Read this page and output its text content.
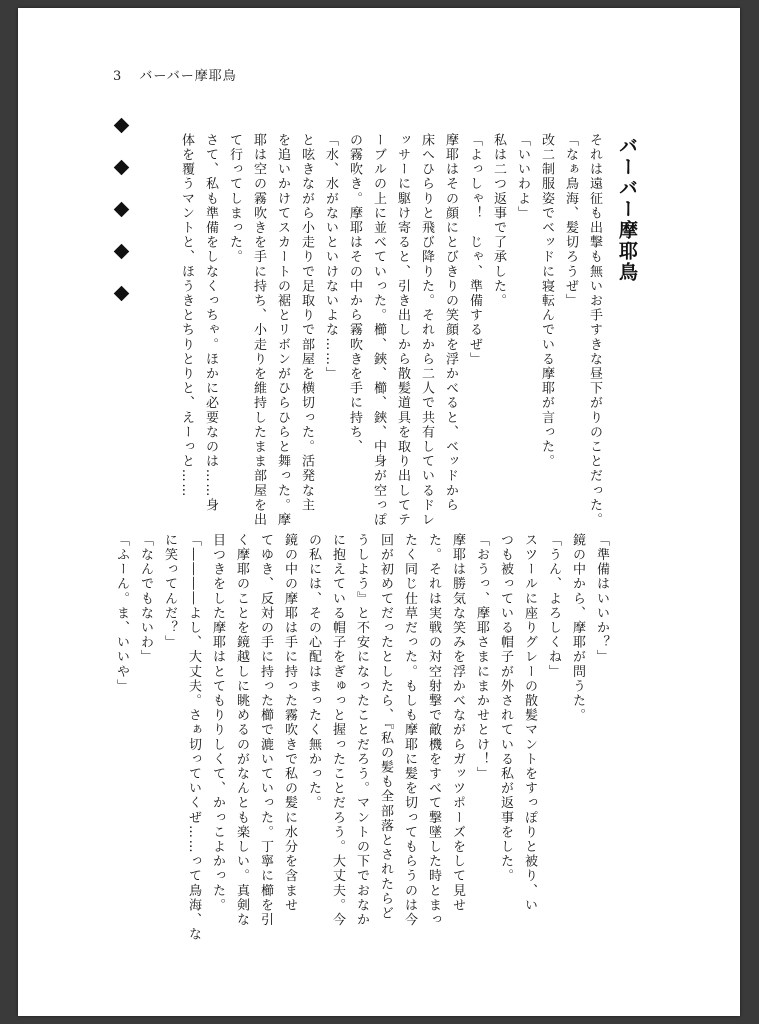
3 バーバー摩耶鳥
バーバー摩耶鳥
それは遠征も出撃も無いお手すきな昼下がりのことだった。
「なぁ鳥海、髪切ろうぜ」
改二制服姿でベッドに寝転んでいる摩耶が言った。
「いいわよ」
私は二つ返事で了承した。
「よっしゃ！　じゃ、準備するぜ」
摩耶はその顔にとびきりの笑顔を浮かべると、ベッドから
床へひらりと飛び降りた。それから二人で共有しているドレ
ッサーに駆け寄ると、引き出しから散髪道具を取り出してテ
ーブルの上に並べていった。櫛、鋏、櫛、鋏、中身が空っぽ
の霧吹き。摩耶はその中から霧吹きを手に持ち、
「水、水がないといけないよな……」
と呟きながら小走りで足取りで部屋を横切った。活発な主
を追いかけてスカートの裾とリボンがひらひらと舞った。摩
耶は空の霧吹きを手に持ち、小走りを維持したまま部屋を出
て行ってしまった。
さて、私も準備をしなくっちゃ。ほかに必要なのは……身
体を覆うマントと、ほうきとちりとりと、えーっと……
「準備はいいか？」
鏡の中から、摩耶が問うた。
「うん、よろしくね」
スツールに座りグレーの散髪マントをすっぽりと被り、い
つも被っている帽子が外されている私が返事をした。
「おうっ、摩耶さまにまかせとけ！」
摩耶は勝気な笑みを浮かべながらガッツポーズをして見せ
た。それは実戦の対空射撃で敵機をすべて撃墜した時とまっ
たく同じ仕草だった。もしも摩耶に髪を切ってもらうのは今
回が初めてだったとしたら、『私の髪も全部落とされたらど
うしよう』と不安になったことだろう。マントの下でおなか
に抱えている帽子をぎゅっと握ったことだろう。大丈夫。今
の私には、その心配はまったく無かった。
鏡の中の摩耶は手に持った霧吹きで私の髪に水分を含ませ
てゆき、反対の手に持った櫛で漉いていった。丁寧に櫛を引
く摩耶のことを鏡越しに眺めるのがなんとも楽しい。真剣な
目つきをした摩耶はとてもりりしくて、かっこよかった。
「――――よし、大丈夫。さぁ切っていくぜ……って鳥海、な
に笑ってんだ？」
「なんでもないわ」
「ふーん。ま、いいや」
